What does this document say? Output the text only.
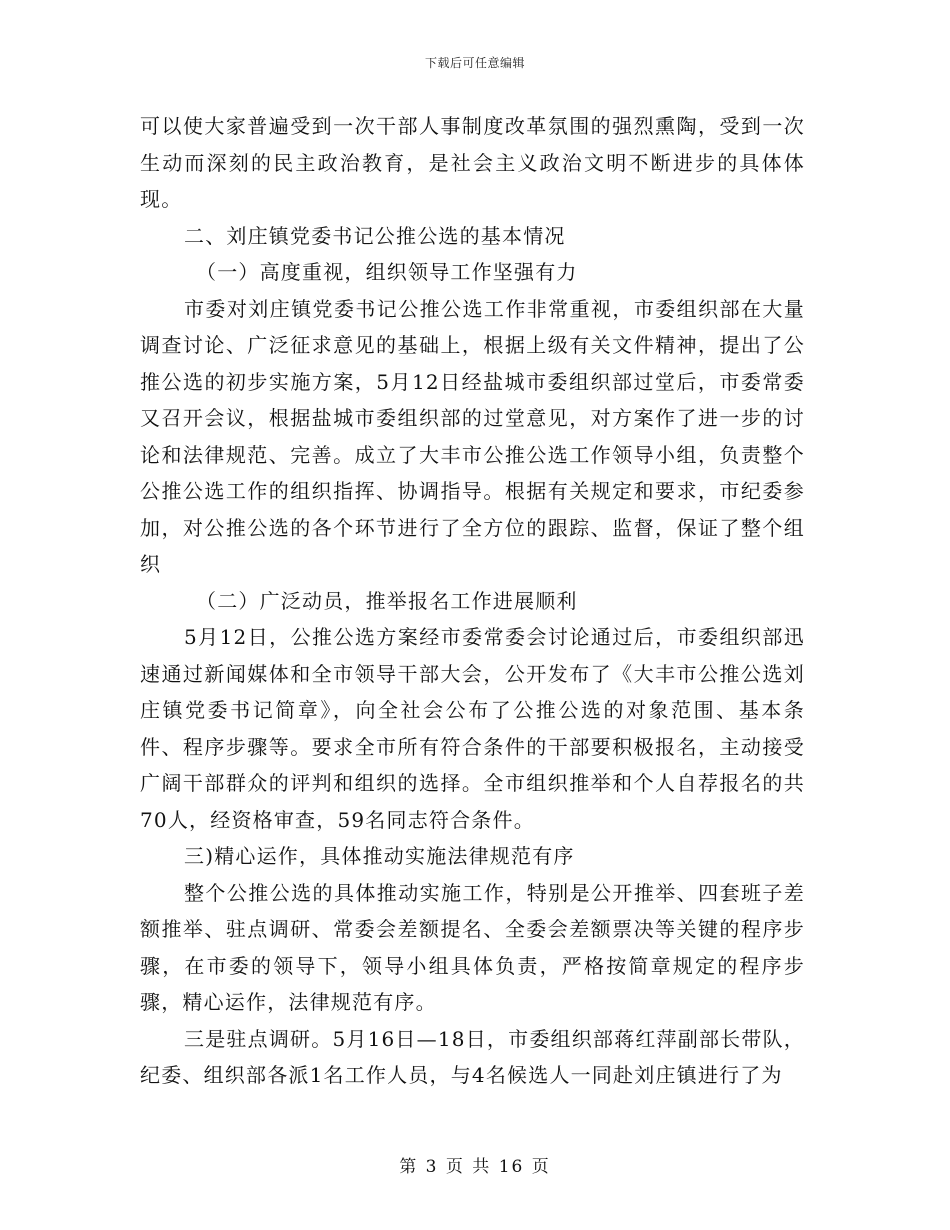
下载后可任意编辑

可以使大家普遍受到一次干部人事制度改革氛围的强烈熏陶，受到一次生动而深刻的民主政治教育，是社会主义政治文明不断进步的具体体现。

二、刘庄镇党委书记公推公选的基本情况

（一）高度重视，组织领导工作坚强有力

市委对刘庄镇党委书记公推公选工作非常重视，市委组织部在大量调查讨论、广泛征求意见的基础上，根据上级有关文件精神，提出了公推公选的初步实施方案，5月12日经盐城市委组织部过堂后，市委常委又召开会议，根据盐城市委组织部的过堂意见，对方案作了进一步的讨论和法律规范、完善。成立了大丰市公推公选工作领导小组，负责整个公推公选工作的组织指挥、协调指导。根据有关规定和要求，市纪委参加，对公推公选的各个环节进行了全方位的跟踪、监督，保证了整个组织

（二）广泛动员，推举报名工作进展顺利

5月12日，公推公选方案经市委常委会讨论通过后，市委组织部迅速通过新闻媒体和全市领导干部大会，公开发布了《大丰市公推公选刘庄镇党委书记简章》，向全社会公布了公推公选的对象范围、基本条件、程序步骤等。要求全市所有符合条件的干部要积极报名，主动接受广阔干部群众的评判和组织的选择。全市组织推举和个人自荐报名的共70人，经资格审查，59名同志符合条件。

三)精心运作，具体推动实施法律规范有序

整个公推公选的具体推动实施工作，特别是公开推举、四套班子差额推举、驻点调研、常委会差额提名、全委会差额票决等关键的程序步骤，在市委的领导下，领导小组具体负责，严格按简章规定的程序步骤，精心运作，法律规范有序。

三是驻点调研。5月16日—18日，市委组织部蒋红萍副部长带队，纪委、组织部各派1名工作人员，与4名候选人一同赴刘庄镇进行了为

第 3 页 共 16 页
